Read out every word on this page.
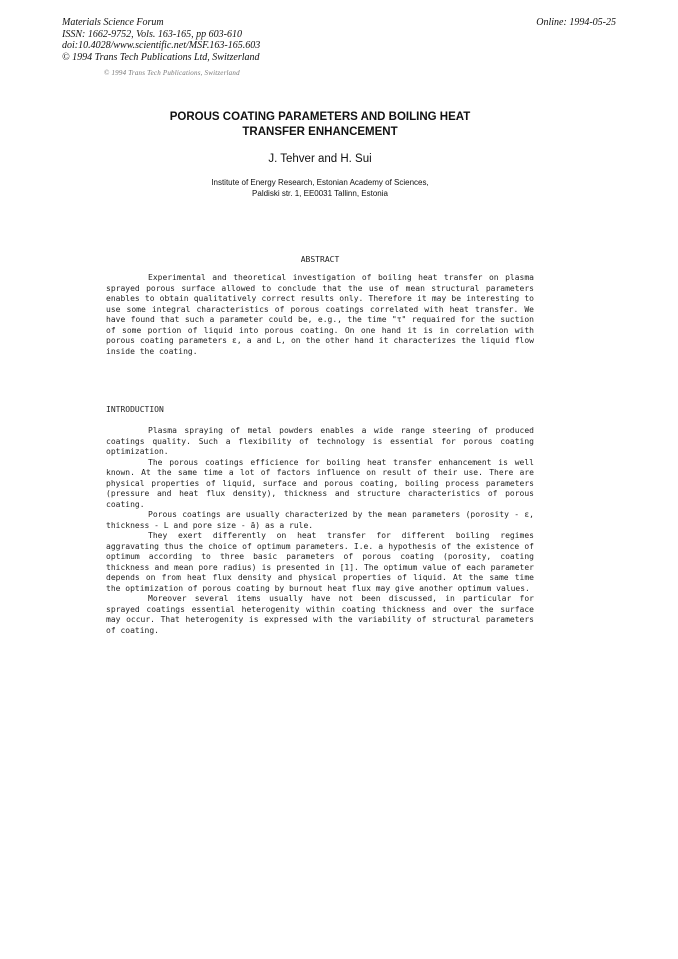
Materials Science Forum
ISSN: 1662-9752, Vols. 163-165, pp 603-610
doi:10.4028/www.scientific.net/MSF.163-165.603
© 1994 Trans Tech Publications Ltd, Switzerland
Online: 1994-05-25
© 1994 Trans Tech Publications, Switzerland
POROUS COATING PARAMETERS AND BOILING HEAT
TRANSFER ENHANCEMENT
J. Tehver and H. Sui
Institute of Energy Research, Estonian Academy of Sciences,
Paldiski str. 1, EE0031 Tallinn, Estonia
ABSTRACT

Experimental and theoretical investigation of boiling heat transfer on plasma sprayed porous surface allowed to conclude that the use of mean structural parameters enables to obtain qualitatively correct results only. Therefore it may be interesting to use some integral characteristics of porous coatings correlated with heat transfer. We have found that such a parameter could be, e.g., the time "τ" requaired for the suction of some portion of liquid into porous coating. On one hand it is in correlation with porous coating parameters ε, a and L, on the other hand it characterizes the liquid flow inside the coating.

INTRODUCTION

Plasma spraying of metal powders enables a wide range steering of produced coatings quality. Such a flexibility of technology is essential for porous coating optimization.

The porous coatings efficience for boiling heat transfer enhancement is well known. At the same time a lot of factors influence on result of their use. There are physical properties of liquid, surface and porous coating, boiling process parameters (pressure and heat flux density), thickness and structure characteristics of porous coating.

Porous coatings are usually characterized by the mean parameters (porosity - ε, thickness - L and pore size - ā) as a rule.

They exert differently on heat transfer for different boiling regimes aggravating thus the choice of optimum parameters. I.e. a hypothesis of the existence of optimum according to three basic parameters of porous coating (porosity, coating thickness and mean pore radius) is presented in [1]. The optimum value of each parameter depends on from heat flux density and physical properties of liquid. At the same time the optimization of porous coating by burnout heat flux may give another optimum values.

Moreover several items usually have not been discussed, in particular for sprayed coatings essential heterogenity within coating thickness and over the surface may occur. That heterogenity is expressed with the variability of structural parameters of coating.
